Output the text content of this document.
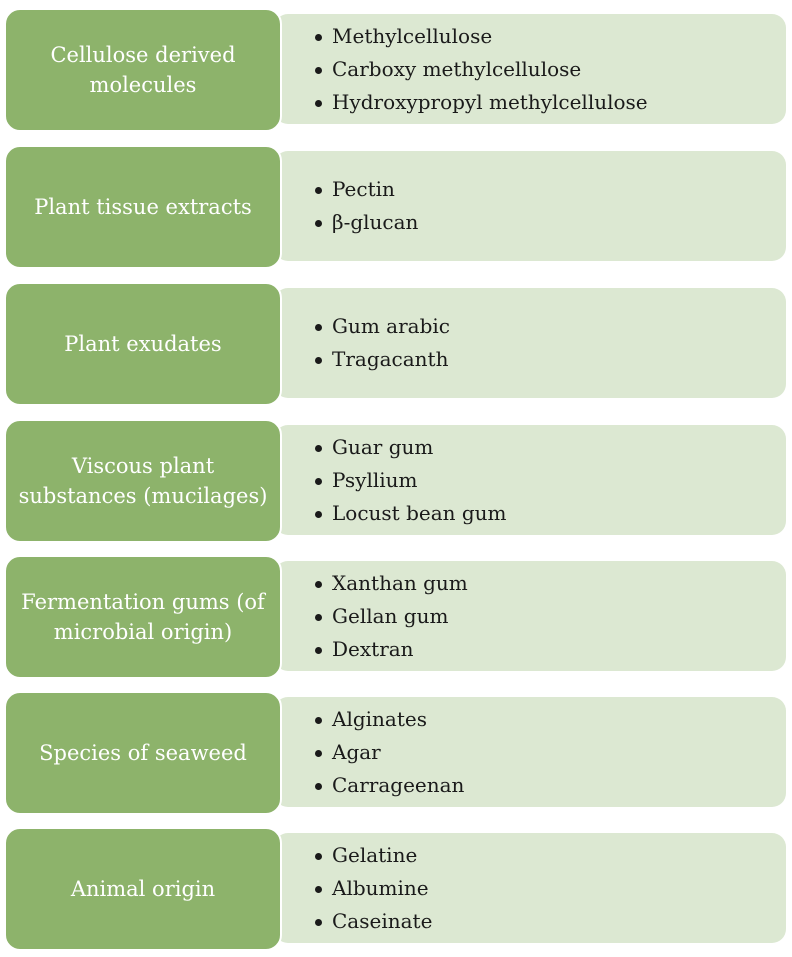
Methylcellulose
Carboxy methylcellulose
Hydroxypropyl methylcellulose
Cellulose derived
molecules
Pectin
β-glucan
Plant tissue extracts
Gum arabic
Tragacanth
Plant exudates
Guar gum
Psyllium
Locust bean gum
Viscous plant
substances (mucilages)
Xanthan gum
Gellan gum
Dextran
Fermentation gums (of
microbial origin)
Alginates
Agar
Carrageenan
Species of seaweed
Gelatine
Albumine
Caseinate
Animal origin
